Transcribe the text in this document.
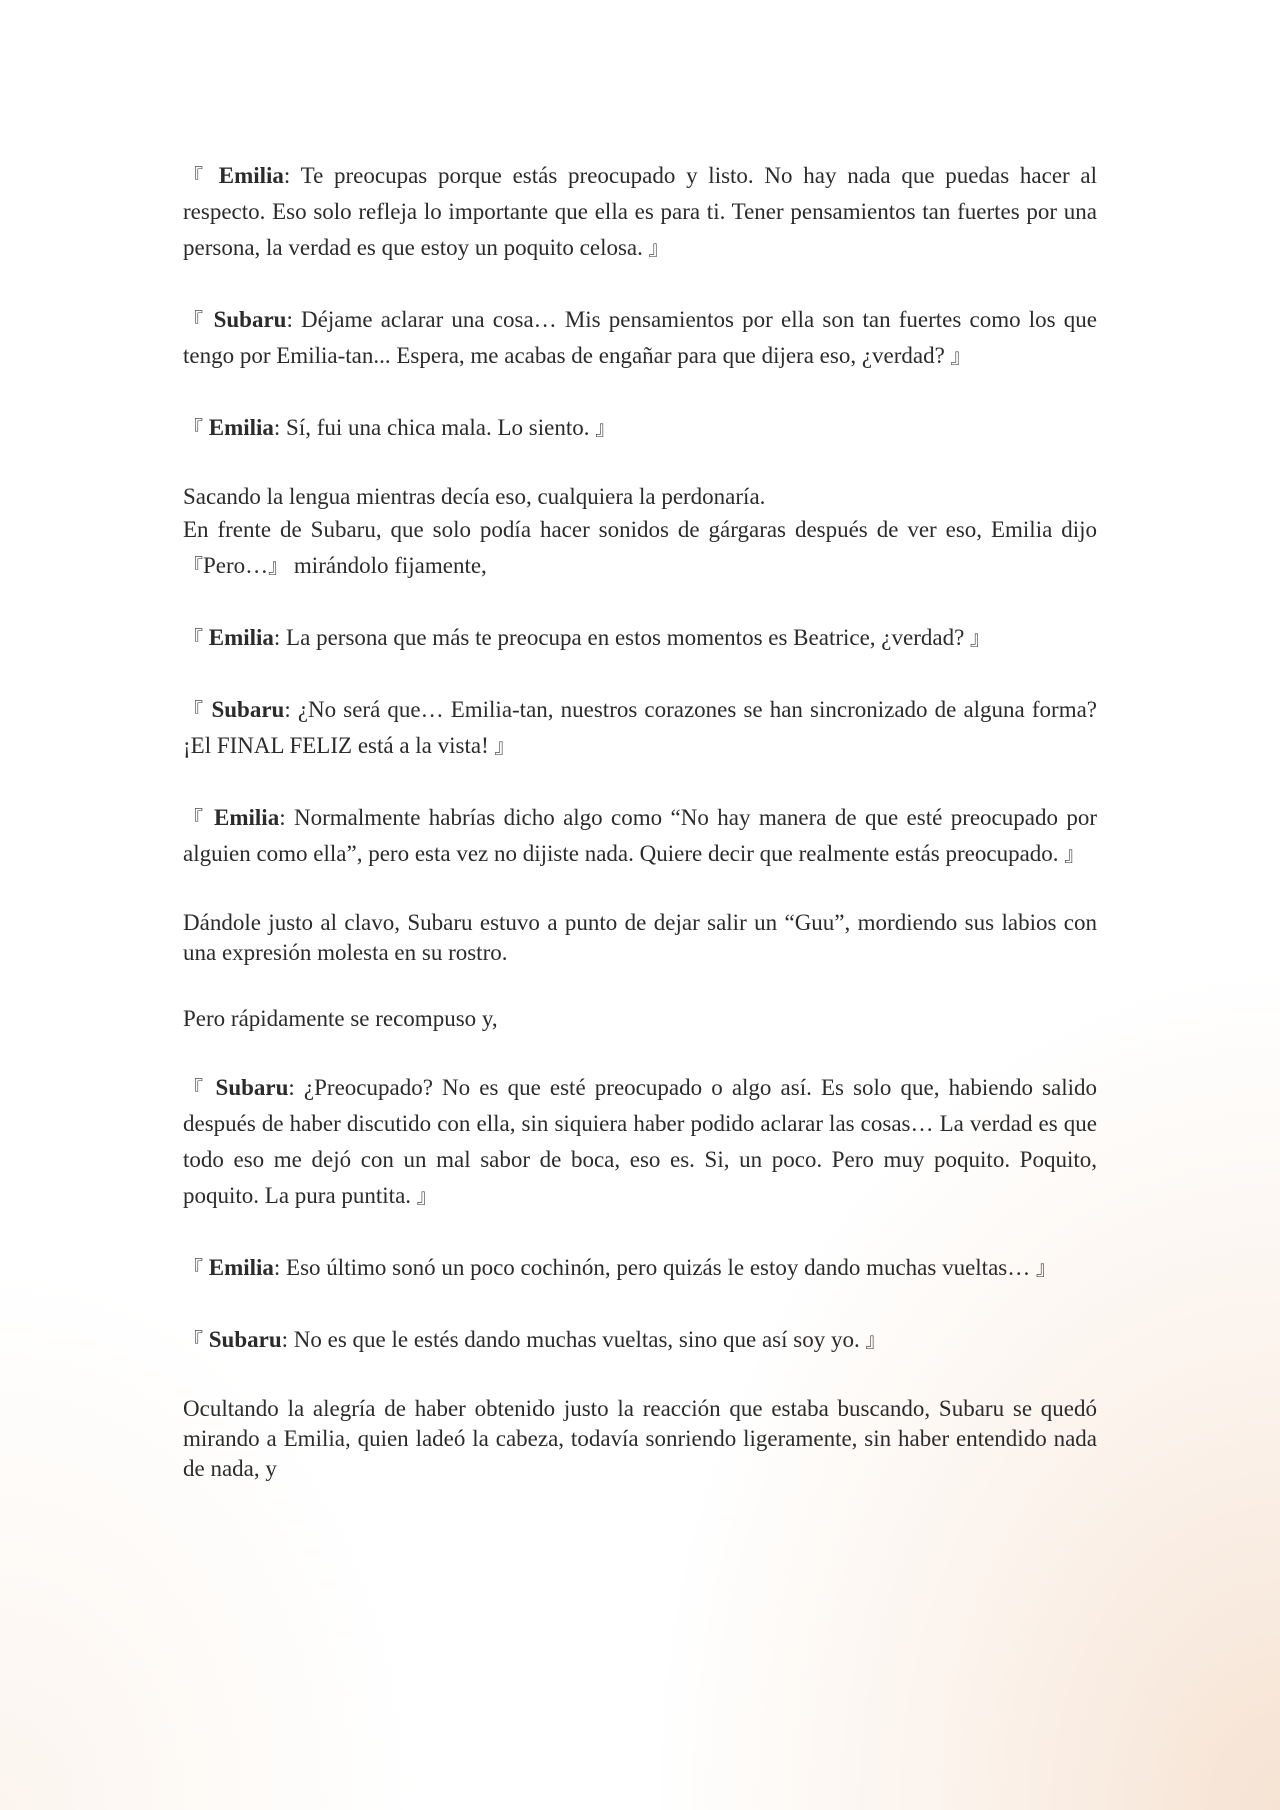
『 Emilia: Te preocupas porque estás preocupado y listo. No hay nada que puedas hacer al respecto. Eso solo refleja lo importante que ella es para ti. Tener pensamientos tan fuertes por una persona, la verdad es que estoy un poquito celosa. 』

『 Subaru: Déjame aclarar una cosa… Mis pensamientos por ella son tan fuertes como los que tengo por Emilia-tan... Espera, me acabas de engañar para que dijera eso, ¿verdad? 』

『 Emilia: Sí, fui una chica mala. Lo siento. 』

Sacando la lengua mientras decía eso, cualquiera la perdonaría.

En frente de Subaru, que solo podía hacer sonidos de gárgaras después de ver eso, Emilia dijo 『Pero…』 mirándolo fijamente,

『 Emilia: La persona que más te preocupa en estos momentos es Beatrice, ¿verdad? 』

『 Subaru: ¿No será que… Emilia-tan, nuestros corazones se han sincronizado de alguna forma? ¡El FINAL FELIZ está a la vista! 』

『 Emilia: Normalmente habrías dicho algo como “No hay manera de que esté preocupado por alguien como ella”, pero esta vez no dijiste nada. Quiere decir que realmente estás preocupado. 』

Dándole justo al clavo, Subaru estuvo a punto de dejar salir un “Guu”, mordiendo sus labios con una expresión molesta en su rostro.

Pero rápidamente se recompuso y,

『 Subaru: ¿Preocupado? No es que esté preocupado o algo así. Es solo que, habiendo salido después de haber discutido con ella, sin siquiera haber podido aclarar las cosas… La verdad es que todo eso me dejó con un mal sabor de boca, eso es. Si, un poco. Pero muy poquito. Poquito, poquito. La pura puntita. 』

『 Emilia: Eso último sonó un poco cochinón, pero quizás le estoy dando muchas vueltas… 』

『 Subaru: No es que le estés dando muchas vueltas, sino que así soy yo. 』

Ocultando la alegría de haber obtenido justo la reacción que estaba buscando, Subaru se quedó mirando a Emilia, quien ladeó la cabeza, todavía sonriendo ligeramente, sin haber entendido nada de nada, y
